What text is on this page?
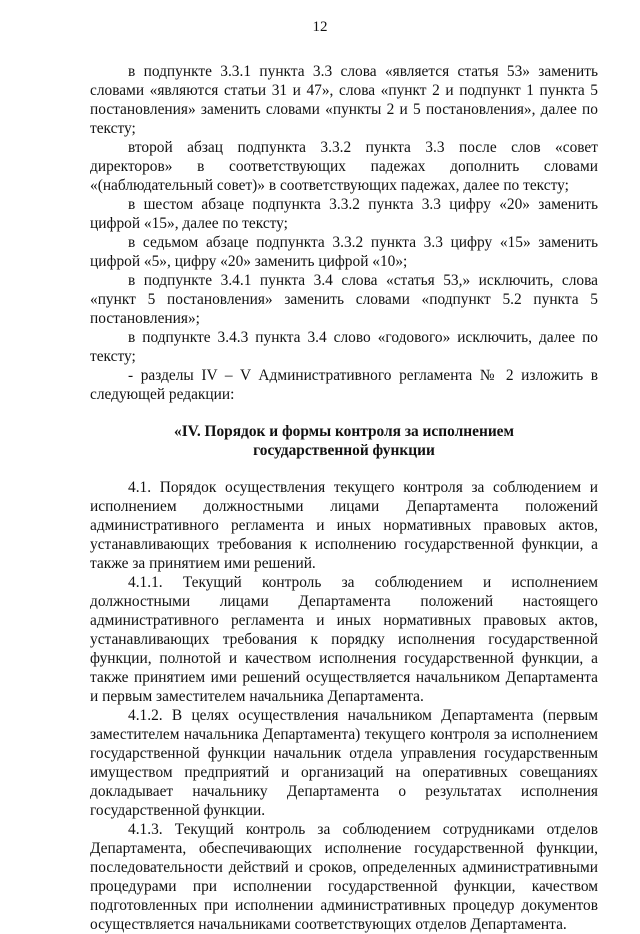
12

в подпункте 3.3.1 пункта 3.3 слова «является статья 53» заменить словами «являются статьи 31 и 47», слова «пункт 2 и подпункт 1 пункта 5 постановления» заменить словами «пункты 2 и 5 постановления», далее по тексту;

второй абзац подпункта 3.3.2 пункта 3.3 после слов «совет директоров» в соответствующих падежах дополнить словами «(наблюдательный совет)» в соответствующих падежах, далее по тексту;

в шестом абзаце подпункта 3.3.2 пункта 3.3 цифру «20» заменить цифрой «15», далее по тексту;

в седьмом абзаце подпункта 3.3.2 пункта 3.3 цифру «15» заменить цифрой «5», цифру «20» заменить цифрой «10»;

в подпункте 3.4.1 пункта 3.4 слова «статья 53,» исключить, слова «пункт 5 постановления» заменить словами «подпункт 5.2 пункта 5 постановления»;

в подпункте 3.4.3 пункта 3.4 слово «годового» исключить, далее по тексту;

- разделы IV – V Административного регламента № 2 изложить в следующей редакции:

«IV. Порядок и формы контроля за исполнением государственной функции

4.1. Порядок осуществления текущего контроля за соблюдением и исполнением должностными лицами Департамента положений административного регламента и иных нормативных правовых актов, устанавливающих требования к исполнению государственной функции, а также за принятием ими решений.

4.1.1. Текущий контроль за соблюдением и исполнением должностными лицами Департамента положений настоящего административного регламента и иных нормативных правовых актов, устанавливающих требования к порядку исполнения государственной функции, полнотой и качеством исполнения государственной функции, а также принятием ими решений осуществляется начальником Департамента и первым заместителем начальника Департамента.

4.1.2. В целях осуществления начальником Департамента (первым заместителем начальника Департамента) текущего контроля за исполнением государственной функции начальник отдела управления государственным имуществом предприятий и организаций на оперативных совещаниях докладывает начальнику Департамента о результатах исполнения государственной функции.

4.1.3. Текущий контроль за соблюдением сотрудниками отделов Департамента, обеспечивающих исполнение государственной функции, последовательности действий и сроков, определенных административными процедурами при исполнении государственной функции, качеством подготовленных при исполнении административных процедур документов осуществляется начальниками соответствующих отделов Департамента.
